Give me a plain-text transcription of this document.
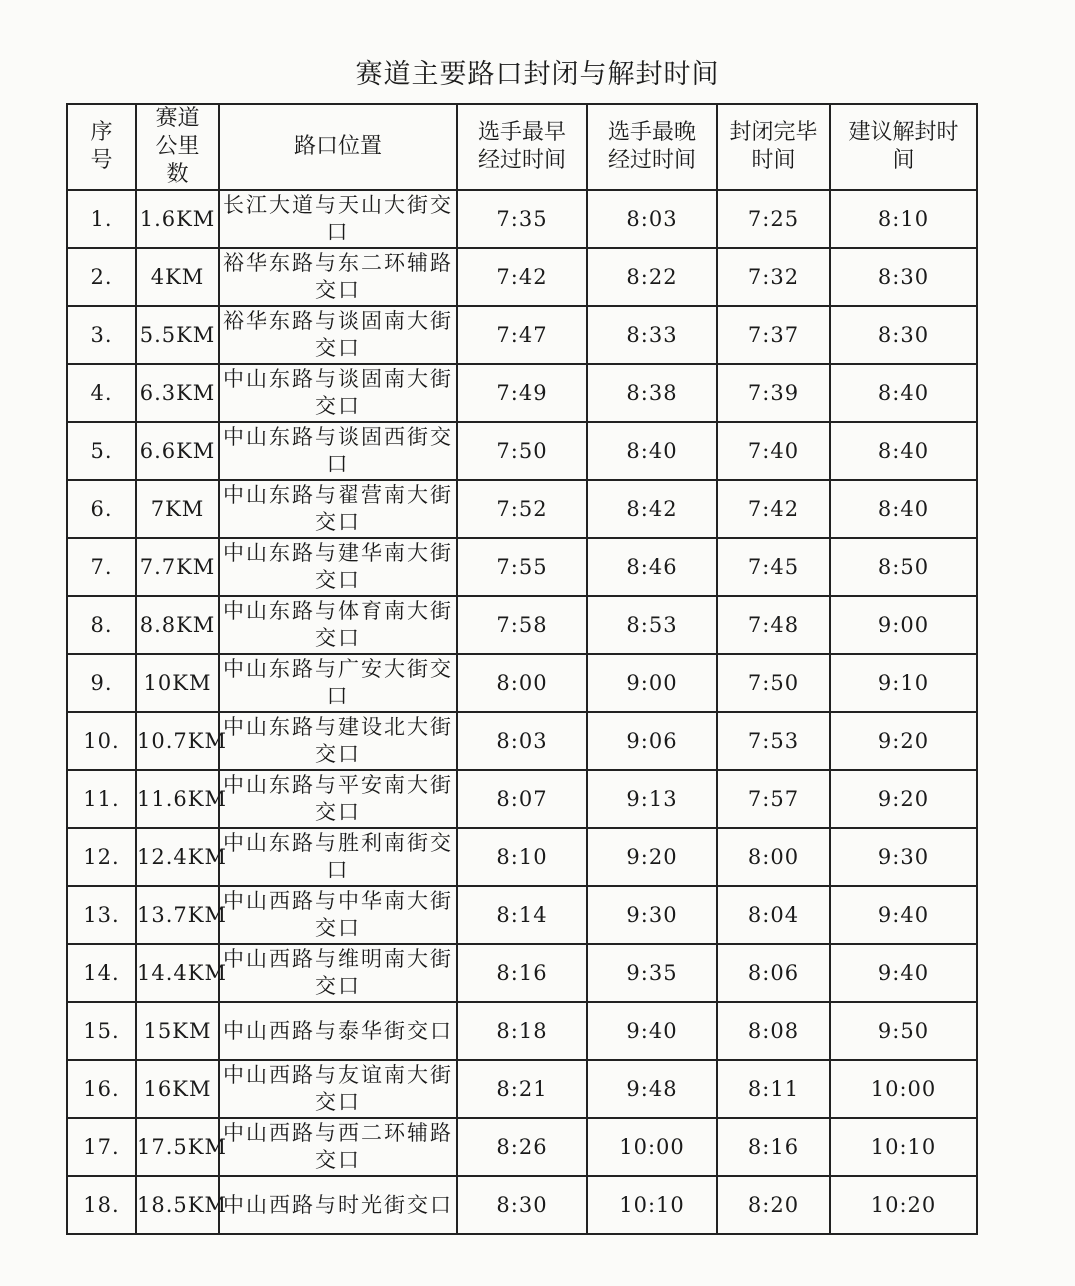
赛道主要路口封闭与解封时间
序号	赛道公里数	路口位置	选手最早经过时间	选手最晚经过时间	封闭完毕时间	建议解封时间
1.	1.6KM	长江大道与天山大街交口	7:35	8:03	7:25	8:10
2.	4KM	裕华东路与东二环辅路交口	7:42	8:22	7:32	8:30
3.	5.5KM	裕华东路与谈固南大街交口	7:47	8:33	7:37	8:30
4.	6.3KM	中山东路与谈固南大街交口	7:49	8:38	7:39	8:40
5.	6.6KM	中山东路与谈固西街交口	7:50	8:40	7:40	8:40
6.	7KM	中山东路与翟营南大街交口	7:52	8:42	7:42	8:40
7.	7.7KM	中山东路与建华南大街交口	7:55	8:46	7:45	8:50
8.	8.8KM	中山东路与体育南大街交口	7:58	8:53	7:48	9:00
9.	10KM	中山东路与广安大街交口	8:00	9:00	7:50	9:10
10.	10.7KM	中山东路与建设北大街交口	8:03	9:06	7:53	9:20
11.	11.6KM	中山东路与平安南大街交口	8:07	9:13	7:57	9:20
12.	12.4KM	中山东路与胜利南街交口	8:10	9:20	8:00	9:30
13.	13.7KM	中山西路与中华南大街交口	8:14	9:30	8:04	9:40
14.	14.4KM	中山西路与维明南大街交口	8:16	9:35	8:06	9:40
15.	15KM	中山西路与泰华街交口	8:18	9:40	8:08	9:50
16.	16KM	中山西路与友谊南大街交口	8:21	9:48	8:11	10:00
17.	17.5KM	中山西路与西二环辅路交口	8:26	10:00	8:16	10:10
18.	18.5KM	中山西路与时光街交口	8:30	10:10	8:20	10:20
